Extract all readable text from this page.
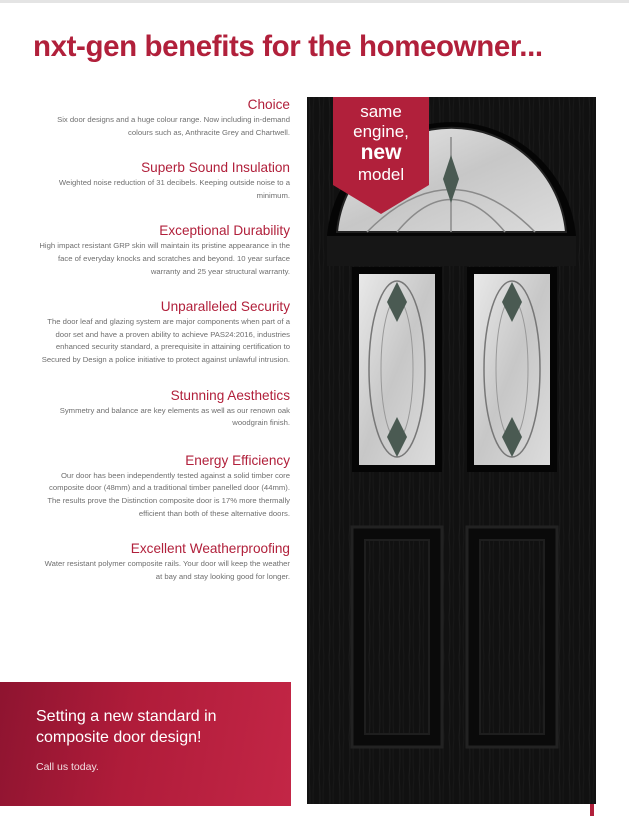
nxt-gen benefits for the homeowner...
Choice

Six door designs and a huge colour range. Now including in-demand colours such as, Anthracite Grey and Chartwell.

Superb Sound Insulation

Weighted noise reduction of 31 decibels. Keeping outside noise to a minimum.

Exceptional Durability

High impact resistant GRP skin will maintain its pristine appearance in the face of everyday knocks and scratches and beyond. 10 year surface warranty and 25 year structural warranty.

Unparalleled Security

The door leaf and glazing system are major components when part of a door set and have a proven ability to achieve PAS24:2016, industries enhanced security standard, a prerequisite in attaining certification to Secured by Design a police initiative to protect against unlawful intrusion.

Stunning Aesthetics

Symmetry and balance are key elements as well as our renown oak woodgrain finish.

Energy Efficiency

Our door has been independently tested against a solid timber core composite door (48mm) and a traditional timber panelled door (44mm). The results prove the Distinction composite door is 17% more thermally efficient than both of these alternative doors.

Excellent Weatherproofing

Water resistant polymer composite rails. Your door will keep the weather at bay and stay looking good for longer.

Setting a new standard in composite door design!
Call us today.
same
engine,
new
model
